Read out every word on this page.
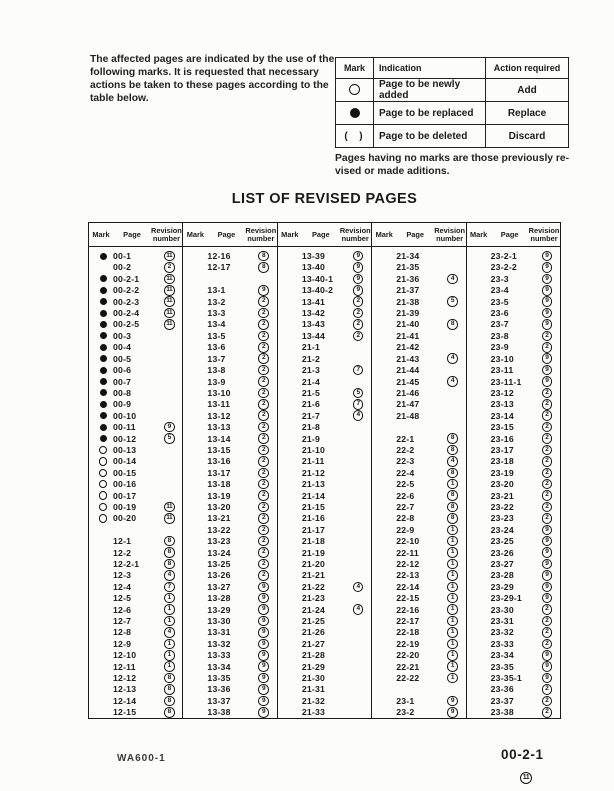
The affected pages are indicated by the use of the
following marks. It is requested that necessary
actions be taken to these pages according to the
table below.
Mark	Indication	Action required
	Page to be newly added	Add
	Page to be replaced	Replace
(  )	Page to be deleted	Discard
Pages having no marks are those previously re-
vised or made aditions.
LIST OF REVISED PAGES
Mark	Page	Revision number
00-1	11
00-2	2
00-2-1	11
00-2-2	11
00-2-3	11
00-2-4	11
00-2-5	11
00-3
00-4
00-5
00-6
00-7
00-8
00-9
00-10
00-11	9
00-12	5
00-13
00-14
00-15
00-16
00-17
00-19	11
00-20	11
12-1	8
12-2	8
12-2-1	8
12-3	4
12-4	7
12-5	1
12-6	1
12-7	1
12-8	4
12-9	1
12-10	1
12-11	1
12-12	8
12-13	8
12-14	8
12-15	8
Mark	Page	Revision number
12-16	8
12-17	8
13-1	9
13-2	2
13-3	2
13-4	2
13-5	2
13-6	2
13-7	2
13-8	2
13-9	2
13-10	2
13-11	2
13-12	2
13-13	2
13-14	2
13-15	2
13-16	2
13-17	2
13-18	2
13-19	2
13-20	2
13-21	2
13-22	2
13-23	2
13-24	2
13-25	2
13-26	2
13-27	9
13-28	9
13-29	9
13-30	9
13-31	9
13-32	9
13-33	9
13-34	9
13-35	9
13-36	9
13-37	9
13-38	9
Mark	Page	Revision number
13-39	9
13-40	9
13-40-1	9
13-40-2	9
13-41	2
13-42	2
13-43	2
13-44	2
21-1
21-2
21-3	7
21-4
21-5	5
21-6	7
21-7	4
21-8
21-9
21-10
21-11
21-12
21-13
21-14
21-15
21-16
21-17
21-18
21-19
21-20
21-21
21-22	4
21-23
21-24	4
21-25
21-26
21-27
21-28
21-29
21-30
21-31
21-32
21-33
Mark	Page	Revision number
21-34
21-35
21-36	4
21-37
21-38	5
21-39
21-40	8
21-41
21-42
21-43	4
21-44
21-45	4
21-46
21-47
21-48
22-1	8
22-2	8
22-3	4
22-4	8
22-5	1
22-6	8
22-7	8
22-8	8
22-9	1
22-10	1
22-11	1
22-12	1
22-13	1
22-14	1
22-15	1
22-16	1
22-17	1
22-18	1
22-19	1
22-20	1
22-21	1
22-22	1
23-1	9
23-2	9
Mark	Page	Revision number
23-2-1	9
23-2-2	9
23-3	9
23-4	9
23-5	9
23-6	9
23-7	9
23-8	2
23-9	2
23-10	9
23-11	9
23-11-1	9
23-12	2
23-13	2
23-14	2
23-15	2
23-16	2
23-17	2
23-18	2
23-19	2
23-20	2
23-21	2
23-22	2
23-23	2
23-24	9
23-25	9
23-26	9
23-27	9
23-28	9
23-29	9
23-29-1	9
23-30	2
23-31	2
23-32	2
23-33	2
23-34	9
23-35	9
23-35-1	9
23-36	2
23-37	2
23-38	2
WA600-1	00-2-1
11
